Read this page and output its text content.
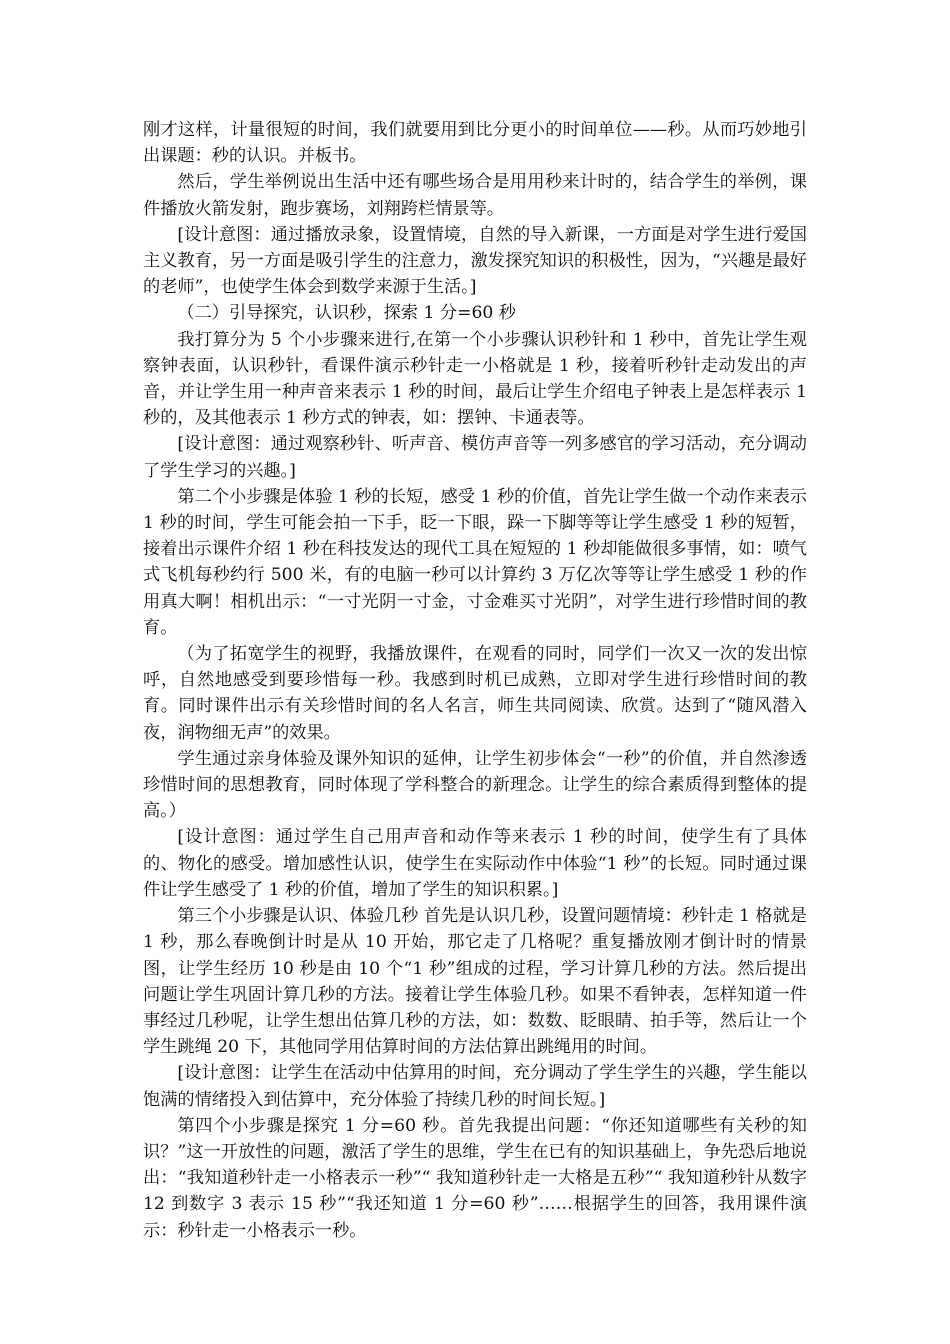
刚才这样，计量很短的时间，我们就要用到比分更小的时间单位——秒。从而巧妙地引出课题：秒的认识。并板书。

然后，学生举例说出生活中还有哪些场合是用用秒来计时的，结合学生的举例，课件播放火箭发射，跑步赛场，刘翔跨栏情景等。

[设计意图：通过播放录象，设置情境，自然的导入新课，一方面是对学生进行爱国主义教育，另一方面是吸引学生的注意力，激发探究知识的积极性，因为，“兴趣是最好的老师”，也使学生体会到数学来源于生活。]

（二）引导探究，认识秒，探索 1 分=60 秒

我打算分为 5 个小步骤来进行,在第一个小步骤认识秒针和 1 秒中，首先让学生观察钟表面，认识秒针，看课件演示秒针走一小格就是 1 秒，接着听秒针走动发出的声音，并让学生用一种声音来表示 1 秒的时间，最后让学生介绍电子钟表上是怎样表示 1 秒的，及其他表示 1 秒方式的钟表，如：摆钟、卡通表等。

[设计意图：通过观察秒针、听声音、模仿声音等一列多感官的学习活动，充分调动了学生学习的兴趣。]

第二个小步骤是体验 1 秒的长短，感受 1 秒的价值，首先让学生做一个动作来表示 1 秒的时间，学生可能会拍一下手，眨一下眼，跺一下脚等等让学生感受 1 秒的短暂，接着出示课件介绍 1 秒在科技发达的现代工具在短短的 1 秒却能做很多事情，如：喷气式飞机每秒约行 500 米，有的电脑一秒可以计算约 3 万亿次等等让学生感受 1 秒的作用真大啊！相机出示：“一寸光阴一寸金，寸金难买寸光阴”，对学生进行珍惜时间的教育。

（为了拓宽学生的视野，我播放课件，在观看的同时，同学们一次又一次的发出惊呼，自然地感受到要珍惜每一秒。我感到时机已成熟，立即对学生进行珍惜时间的教育。同时课件出示有关珍惜时间的名人名言，师生共同阅读、欣赏。达到了“随风潜入夜，润物细无声”的效果。

学生通过亲身体验及课外知识的延伸，让学生初步体会“一秒”的价值，并自然渗透珍惜时间的思想教育，同时体现了学科整合的新理念。让学生的综合素质得到整体的提高。）

[设计意图：通过学生自己用声音和动作等来表示 1 秒的时间，使学生有了具体的、物化的感受。增加感性认识，使学生在实际动作中体验“1 秒”的长短。同时通过课件让学生感受了 1 秒的价值，增加了学生的知识积累。]

第三个小步骤是认识、体验几秒 首先是认识几秒，设置问题情境：秒针走 1 格就是 1 秒，那么春晚倒计时是从 10 开始，那它走了几格呢？重复播放刚才倒计时的情景图，让学生经历 10 秒是由 10 个“1 秒”组成的过程，学习计算几秒的方法。然后提出问题让学生巩固计算几秒的方法。接着让学生体验几秒。如果不看钟表，怎样知道一件事经过几秒呢，让学生想出估算几秒的方法，如：数数、眨眼睛、拍手等，然后让一个学生跳绳 20 下，其他同学用估算时间的方法估算出跳绳用的时间。

[设计意图：让学生在活动中估算用的时间，充分调动了学生学生的兴趣，学生能以饱满的情绪投入到估算中，充分体验了持续几秒的时间长短。]

第四个小步骤是探究 1 分=60 秒。首先我提出问题：“你还知道哪些有关秒的知识？”这一开放性的问题，激活了学生的思维，学生在已有的知识基础上，争先恐后地说出：“我知道秒针走一小格表示一秒”“ 我知道秒针走一大格是五秒”“ 我知道秒针从数字 12 到数字 3 表示 15 秒”“我还知道 1 分=60 秒”……根据学生的回答，我用课件演示：秒针走一小格表示一秒。
